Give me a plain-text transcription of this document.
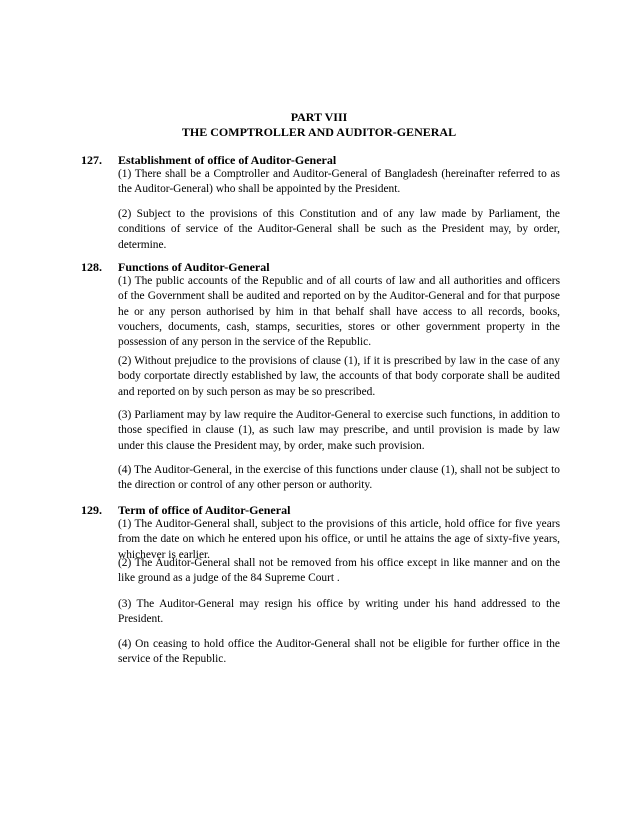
PART VIII

THE COMPTROLLER AND AUDITOR-GENERAL

127. Establishment of office of Auditor-General

(1) There shall be a Comptroller and Auditor-General of Bangladesh (hereinafter referred to as the Auditor-General) who shall be appointed by the President.

(2) Subject to the provisions of this Constitution and of any law made by Parliament, the conditions of service of the Auditor-General shall be such as the President may, by order, determine.

128. Functions of Auditor-General

(1) The public accounts of the Republic and of all courts of law and all authorities and officers of the Government shall be audited and reported on by the Auditor-General and for that purpose he or any person authorised by him in that behalf shall have access to all records, books, vouchers, documents, cash, stamps, securities, stores or other government property in the possession of any person in the service of the Republic.

(2) Without prejudice to the provisions of clause (1), if it is prescribed by law in the case of any body corportate directly established by law, the accounts of that body corporate shall be audited and reported on by such person as may be so prescribed.

(3) Parliament may by law require the Auditor-General to exercise such functions, in addition to those specified in clause (1), as such law may prescribe, and until provision is made by law under this clause the President may, by order, make such provision.

(4) The Auditor-General, in the exercise of this functions under clause (1), shall not be subject to the direction or control of any other person or authority.

129. Term of office of Auditor-General

(1) The Auditor-General shall, subject to the provisions of this article, hold office for five years from the date on which he entered upon his office, or until he attains the age of sixty-five years, whichever is earlier.

(2) The Auditor-General shall not be removed from his office except in like manner and on the like ground as a judge of the 84 Supreme Court .

(3) The Auditor-General may resign his office by writing under his hand addressed to the President.

(4) On ceasing to hold office the Auditor-General shall not be eligible for further office in the service of the Republic.
